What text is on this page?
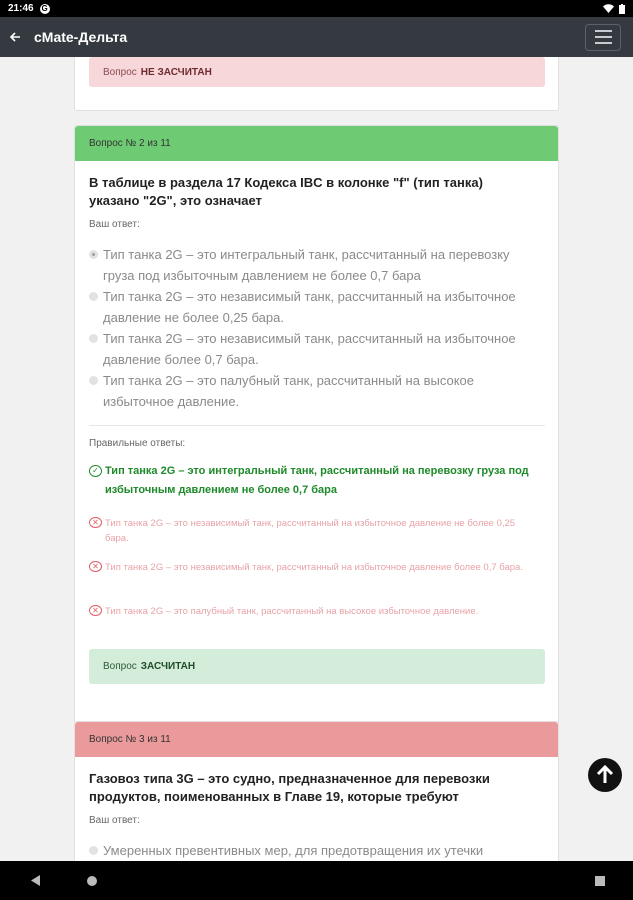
21:46 G
cMate-Дельта
Вопрос НЕ ЗАСЧИТАН
Вопрос № 2 из 11
В таблице в раздела 17 Кодекса IBC в колонке "f" (тип танка) указано "2G", это означает
Ваш ответ:
Тип танка 2G – это интегральный танк, рассчитанный на перевозку груза под избыточным давлением не более 0,7 бара
Тип танка 2G – это независимый танк, рассчитанный на избыточное давление не более 0,25 бара.
Тип танка 2G – это независимый танк, рассчитанный на избыточное давление более 0,7 бара.
Тип танка 2G – это палубный танк, рассчитанный на высокое избыточное давление.
Правильные ответы:
✓ Тип танка 2G – это интегральный танк, рассчитанный на перевозку груза под избыточным давлением не более 0,7 бара
✕ Тип танка 2G – это независимый танк, рассчитанный на избыточное давление не более 0,25 бара.
✕ Тип танка 2G – это независимый танк, рассчитанный на избыточное давление более 0,7 бара.
✕ Тип танка 2G – это палубный танк, рассчитанный на высокое избыточное давление.
Вопрос ЗАСЧИТАН
Вопрос № 3 из 11
Газовоз типа 3G – это судно, предназначенное для перевозки продуктов, поименованных в Главе 19, которые требуют
Ваш ответ:
Умеренных превентивных мер, для предотвращения их утечки
